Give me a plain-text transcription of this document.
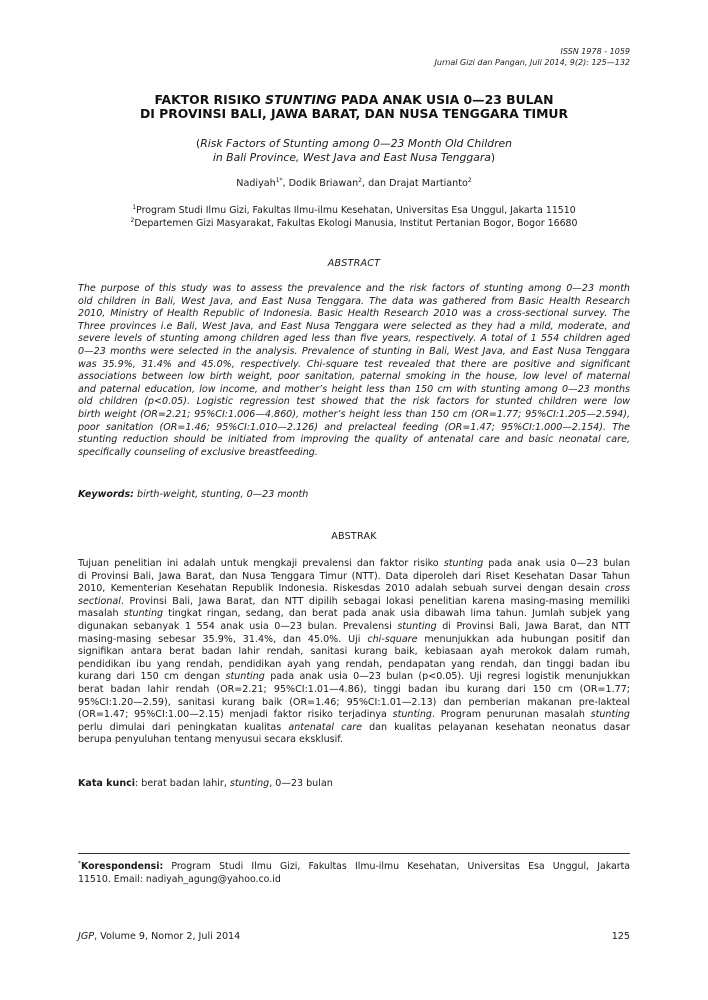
ISSN 1978 - 1059
Jurnal Gizi dan Pangan, Juli 2014, 9(2): 125—132
FAKTOR RISIKO STUNTING PADA ANAK USIA 0—23 BULAN
DI PROVINSI BALI, JAWA BARAT, DAN NUSA TENGGARA TIMUR
(Risk Factors of Stunting among 0—23 Month Old Children
in Bali Province, West Java and East Nusa Tenggara)
Nadiyah$^{1*}$, Dodik Briawan$^2$, dan Drajat Martianto$^2$
$^1$Program Studi Ilmu Gizi, Fakultas Ilmu-ilmu Kesehatan, Universitas Esa Unggul, Jakarta 11510
$^2$Departemen Gizi Masyarakat, Fakultas Ekologi Manusia, Institut Pertanian Bogor, Bogor 16680
ABSTRACT
The purpose of this study was to assess the prevalence and the risk factors of stunting among 0—23 month
old children in Bali, West Java, and East Nusa Tenggara. The data was gathered from Basic Health Research
2010, Ministry of Health Republic of Indonesia. Basic Health Research 2010 was a cross-sectional survey. The
Three provinces i.e Bali, West Java, and East Nusa Tenggara were selected as they had a mild, moderate, and
severe levels of stunting among children aged less than five years, respectively. A total of 1 554 children aged
0—23 months were selected in the analysis. Prevalence of stunting in Bali, West Java, and East Nusa Tenggara
was 35.9%, 31.4% and 45.0%, respectively. Chi-square test revealed that there are positive and significant
associations between low birth weight, poor sanitation, paternal smoking in the house, low level of maternal
and paternal education, low income, and mother’s height less than 150 cm with stunting among 0—23 months
old children (p<0.05). Logistic regression test showed that the risk factors for stunted children were low
birth weight (OR=2.21; 95%CI:1.006—4.860), mother’s height less than 150 cm (OR=1.77; 95%CI:1.205—2.594),
poor sanitation (OR=1.46; 95%CI:1.010—2.126) and prelacteal feeding (OR=1.47; 95%CI:1.000—2.154). The
stunting reduction should be initiated from improving the quality of antenatal care and basic neonatal care,
specifically counseling of exclusive breastfeeding.
Keywords: birth-weight, stunting, 0—23 month
ABSTRAK
Tujuan penelitian ini adalah untuk mengkaji prevalensi dan faktor risiko stunting pada anak usia 0—23 bulan
di Provinsi Bali, Jawa Barat, dan Nusa Tenggara Timur (NTT). Data diperoleh dari Riset Kesehatan Dasar Tahun
2010, Kementerian Kesehatan Republik Indonesia. Riskesdas 2010 adalah sebuah survei dengan desain cross
sectional. Provinsi Bali, Jawa Barat, dan NTT dipilih sebagai lokasi penelitian karena masing-masing memiliki
masalah stunting tingkat ringan, sedang, dan berat pada anak usia dibawah lima tahun. Jumlah subjek yang
digunakan sebanyak 1 554 anak usia 0—23 bulan. Prevalensi stunting di Provinsi Bali, Jawa Barat, dan NTT
masing-masing sebesar 35.9%, 31.4%, dan 45.0%. Uji chi-square menunjukkan ada hubungan positif dan
signifikan antara berat badan lahir rendah, sanitasi kurang baik, kebiasaan ayah merokok dalam rumah,
pendidikan ibu yang rendah, pendidikan ayah yang rendah, pendapatan yang rendah, dan tinggi badan ibu
kurang dari 150 cm dengan stunting pada anak usia 0—23 bulan (p<0.05). Uji regresi logistik menunjukkan
berat badan lahir rendah (OR=2.21; 95%CI:1.01—4.86), tinggi badan ibu kurang dari 150 cm (OR=1.77;
95%CI:1.20—2.59), sanitasi kurang baik (OR=1.46; 95%CI:1.01—2.13) dan pemberian makanan pre-lakteal
(OR=1.47; 95%CI:1.00—2.15) menjadi faktor risiko terjadinya stunting. Program penurunan masalah stunting
perlu dimulai dari peningkatan kualitas antenatal care dan kualitas pelayanan kesehatan neonatus dasar
berupa penyuluhan tentang menyusui secara eksklusif.
Kata kunci: berat badan lahir, stunting, 0—23 bulan
*Korespondensi: Program Studi Ilmu Gizi, Fakultas Ilmu-ilmu Kesehatan, Universitas Esa Unggul, Jakarta
11510. Email: nadiyah_agung@yahoo.co.id
JGP, Volume 9, Nomor 2, Juli 2014	125
